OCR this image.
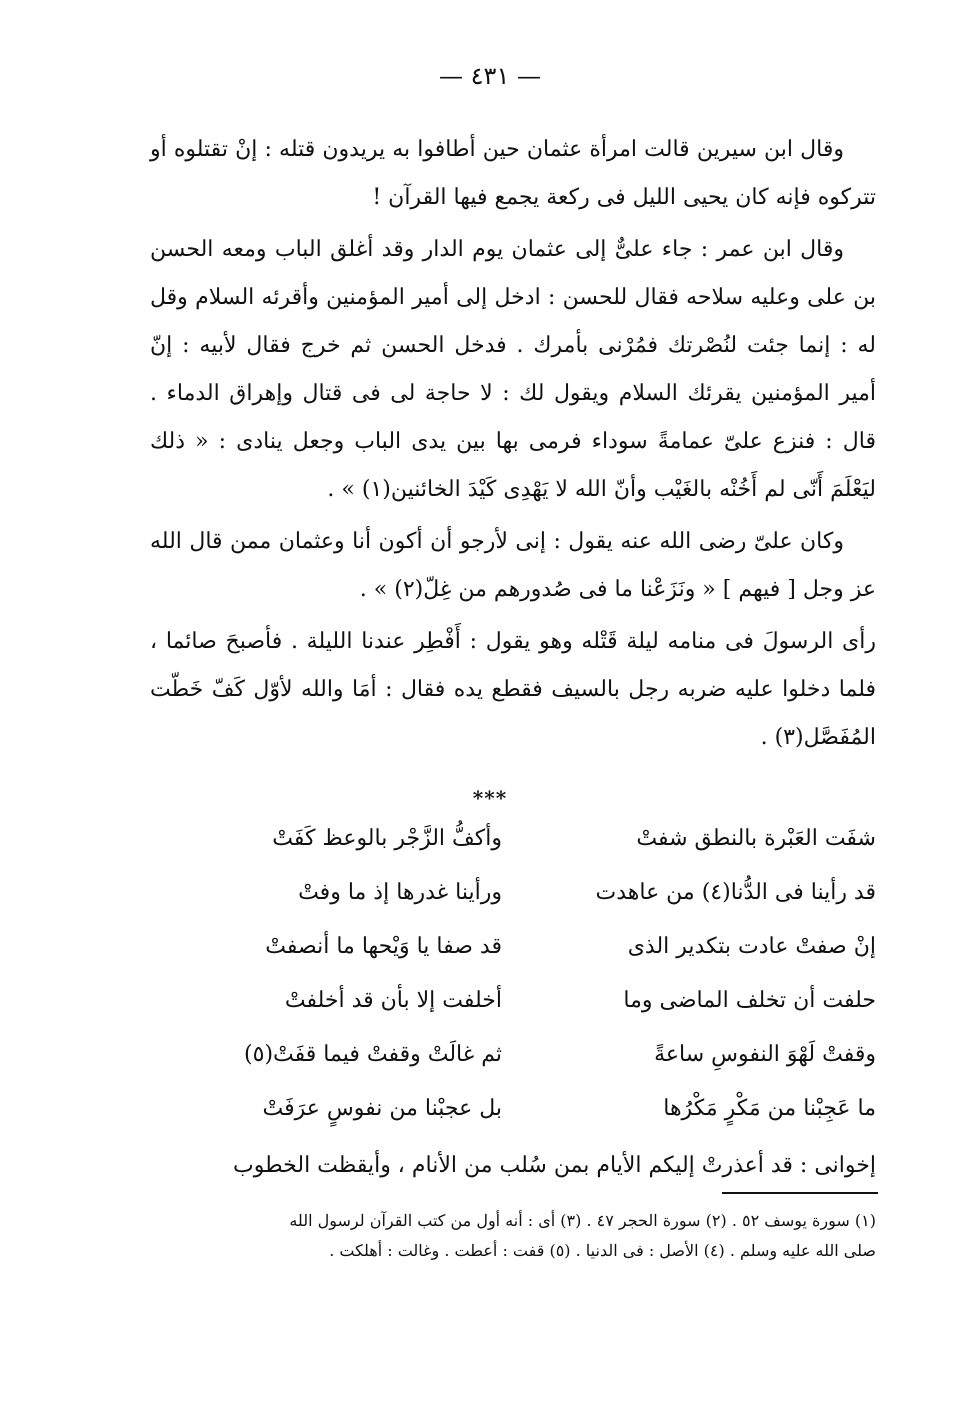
— ٤٣١ —

وقال ابن سيرين قالت امرأة عثمان حين أطافوا به يريدون قتله : إنْ تقتلوه أو تتركوه فإنه كان يحيى الليل فى ركعة يجمع فيها القرآن !

وقال ابن عمر : جاء علىٌّ إلى عثمان يوم الدار وقد أغلق الباب ومعه الحسن بن على وعليه سلاحه فقال للحسن : ادخل إلى أمير المؤمنين وأقرئه السلام وقل له : إنما جئت لنُصْرتك فمُرْنى بأمرك . فدخل الحسن ثم خرج فقال لأبيه : إنّ أمير المؤمنين يقرئك السلام ويقول لك : لا حاجة لى فى قتال وإهراق الدماء . قال : فنزع علىّ عمامةً سوداء فرمى بها بين يدى الباب وجعل ينادى : « ذلك ليَعْلَمَ أَنّى لم أَخُنْه بالغَيْب وأنّ الله لا يَهْدِى كَيْدَ الخائنين(١) » .

وكان علىّ رضى الله عنه يقول : إنى لأرجو أن أكون أنا وعثمان ممن قال الله عز وجل [ فيهم ] « ونَزَعْنا ما فى صُدورهم من غِلّ(٢) » .

رأى الرسولَ فى منامه ليلة قَتْله وهو يقول : أَفْطِر عندنا الليلة . فأصبحَ صائما ، فلما دخلوا عليه ضربه رجل بالسيف فقطع يده فقال : أمَا والله لأوّل كَفّ خَطّت المُفَصَّل(٣) .

***
شفَت العَبْرة بالنطق شفتْ
وأكفُّ الزَّجْر بالوعظ كَفَتْ
قد رأينا فى الدُّنا(٤) من عاهدت
ورأينا غدرها إذ ما وفتْ
إنْ صفتْ عادت بتكدير الذى
قد صفا يا وَيْحها ما أنصفتْ
حلفت أن تخلف الماضى وما
أخلفت إلا بأن قد أخلفتْ
وقفتْ لَهْوَ النفوسِ ساعةً
ثم غالَتْ وقفتْ فيما قفَتْ(٥)
ما عَجِبْنا من مَكْرٍ مَكْرُها
بل عجبْنا من نفوسٍ عرَفَتْ
إخوانى : قد أعذرتْ إليكم الأيام بمن سُلب من الأنام ، وأيقظت الخطوب
(١) سورة يوسف ٥٢ . (٢) سورة الحجر ٤٧ . (٣) أى : أنه أول من كتب القرآن لرسول الله
صلى الله عليه وسلم . (٤) الأصل : فى الدنيا . (٥) قفت : أعطت . وغالت : أهلكت .
